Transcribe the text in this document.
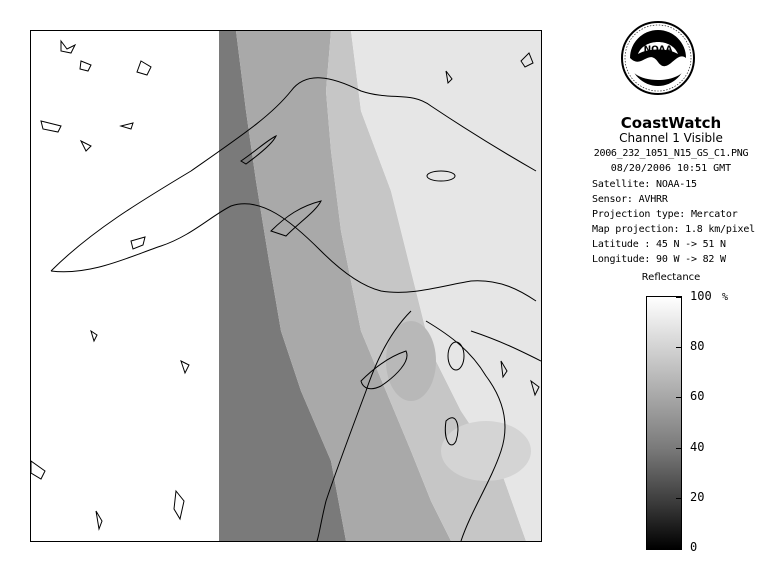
NOAA
CoastWatch
Channel 1 Visible
2006_232_1051_N15_GS_C1.PNG
08/20/2006 10:51 GMT
Satellite: NOAA-15
Sensor: AVHRR
Projection type: Mercator
Map projection: 1.8 km/pixel
Latitude : 45 N -> 51 N
Longitude: 90 W -> 82 W
Reflectance
%
100
80
60
40
20
0
